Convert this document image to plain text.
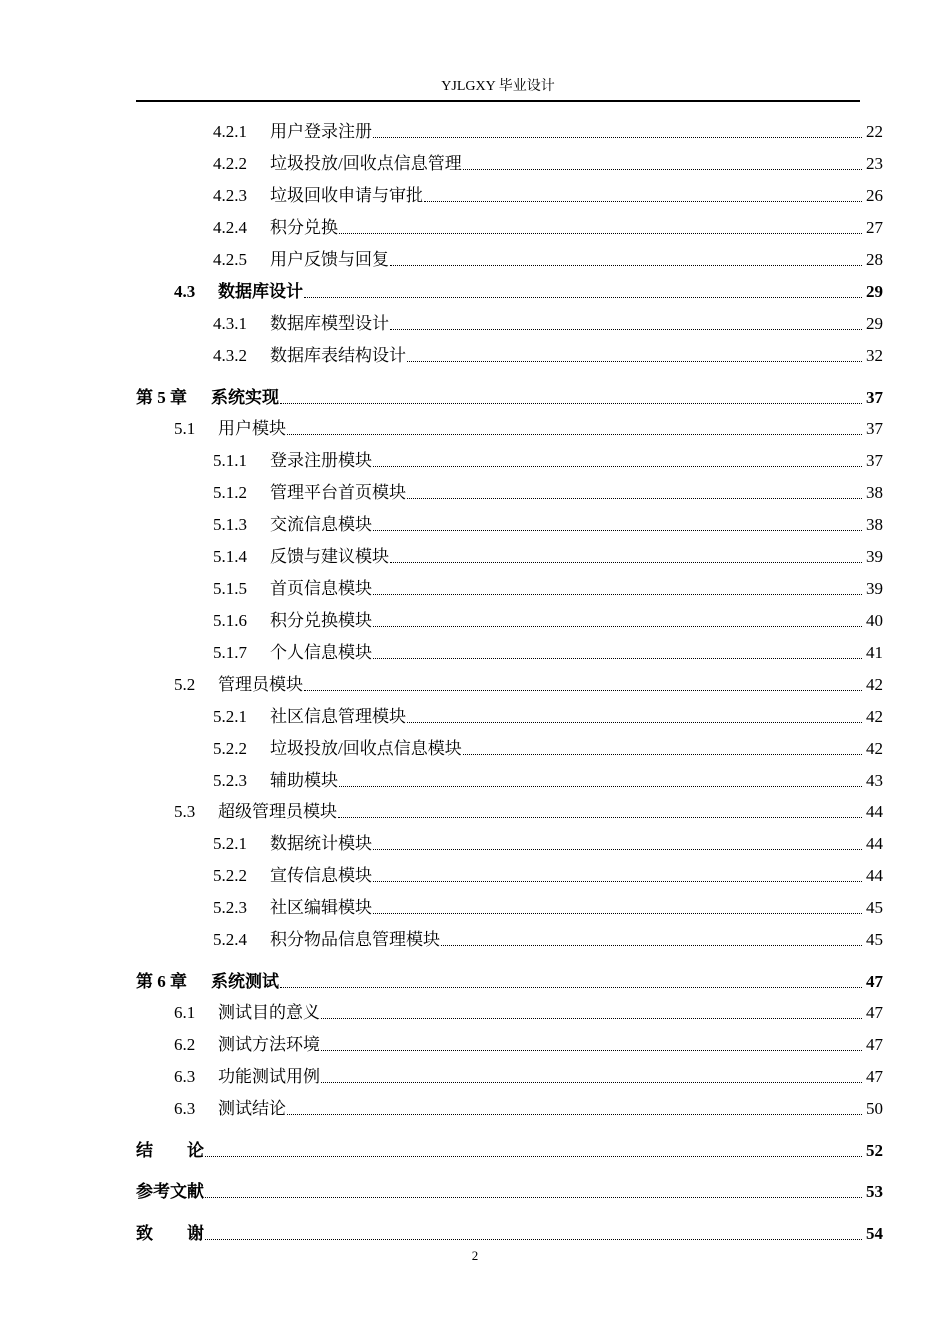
YJLGXY 毕业设计
4.2.1	用户登录注册	22
4.2.2	垃圾投放/回收点信息管理	23
4.2.3	垃圾回收申请与审批	26
4.2.4	积分兑换	27
4.2.5	用户反馈与回复	28
4.3	数据库设计	29
4.3.1	数据库模型设计	29
4.3.2	数据库表结构设计	32
第 5 章	系统实现	37
5.1	用户模块	37
5.1.1	登录注册模块	37
5.1.2	管理平台首页模块	38
5.1.3	交流信息模块	38
5.1.4	反馈与建议模块	39
5.1.5	首页信息模块	39
5.1.6	积分兑换模块	40
5.1.7	个人信息模块	41
5.2	管理员模块	42
5.2.1	社区信息管理模块	42
5.2.2	垃圾投放/回收点信息模块	42
5.2.3	辅助模块	43
5.3	超级管理员模块	44
5.2.1	数据统计模块	44
5.2.2	宣传信息模块	44
5.2.3	社区编辑模块	45
5.2.4	积分物品信息管理模块	45
第 6 章	系统测试	47
6.1	测试目的意义	47
6.2	测试方法环境	47
6.3	功能测试用例	47
6.3	测试结论	50
结　　论	52
参考文献	53
致　　谢	54
2
